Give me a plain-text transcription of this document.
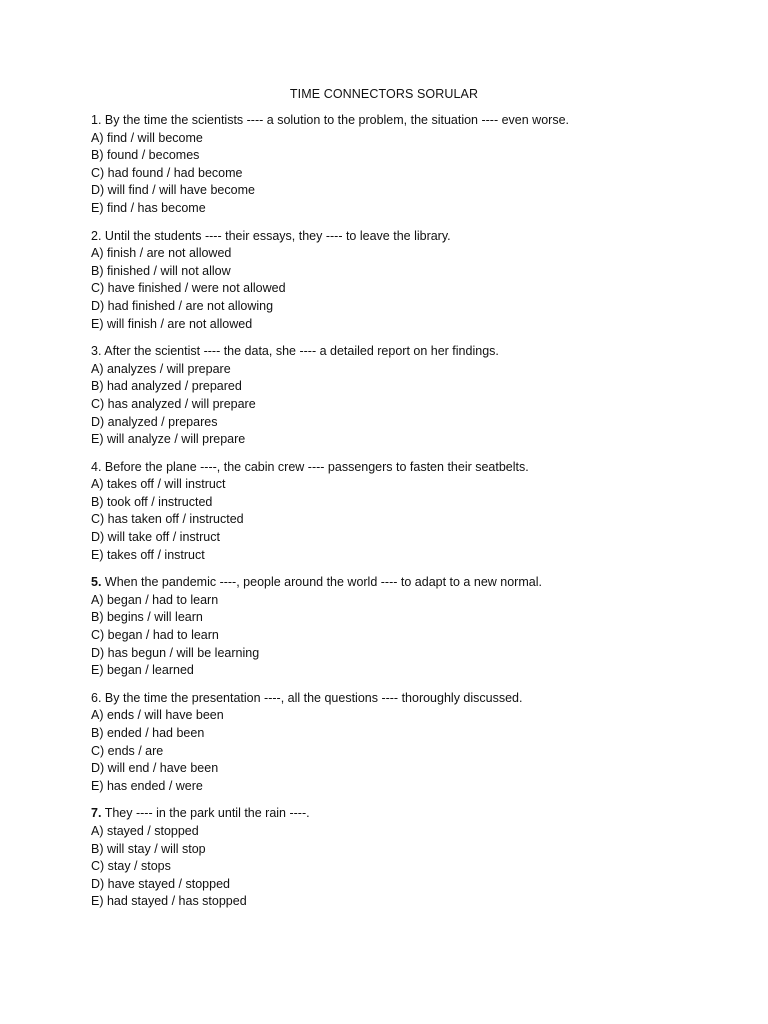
TIME CONNECTORS SORULAR
1. By the time the scientists ---- a solution to the problem, the situation ---- even worse.
A) find / will become
B) found / becomes
C) had found / had become
D) will find / will have become
E) find / has become
2. Until the students ---- their essays, they ---- to leave the library.
A) finish / are not allowed
B) finished / will not allow
C) have finished / were not allowed
D) had finished / are not allowing
E) will finish / are not allowed
3. After the scientist ---- the data, she ---- a detailed report on her findings.
A) analyzes / will prepare
B) had analyzed / prepared
C) has analyzed / will prepare
D) analyzed / prepares
E) will analyze / will prepare
4. Before the plane ----, the cabin crew ---- passengers to fasten their seatbelts.
A) takes off / will instruct
B) took off / instructed
C) has taken off / instructed
D) will take off / instruct
E) takes off / instruct
5. When the pandemic ----, people around the world ---- to adapt to a new normal.
A) began / had to learn
B) begins / will learn
C) began / had to learn
D) has begun / will be learning
E) began / learned
6. By the time the presentation ----, all the questions ---- thoroughly discussed.
A) ends / will have been
B) ended / had been
C) ends / are
D) will end / have been
E) has ended / were
7. They ---- in the park until the rain ----.
A) stayed / stopped
B) will stay / will stop
C) stay / stops
D) have stayed / stopped
E) had stayed / has stopped
